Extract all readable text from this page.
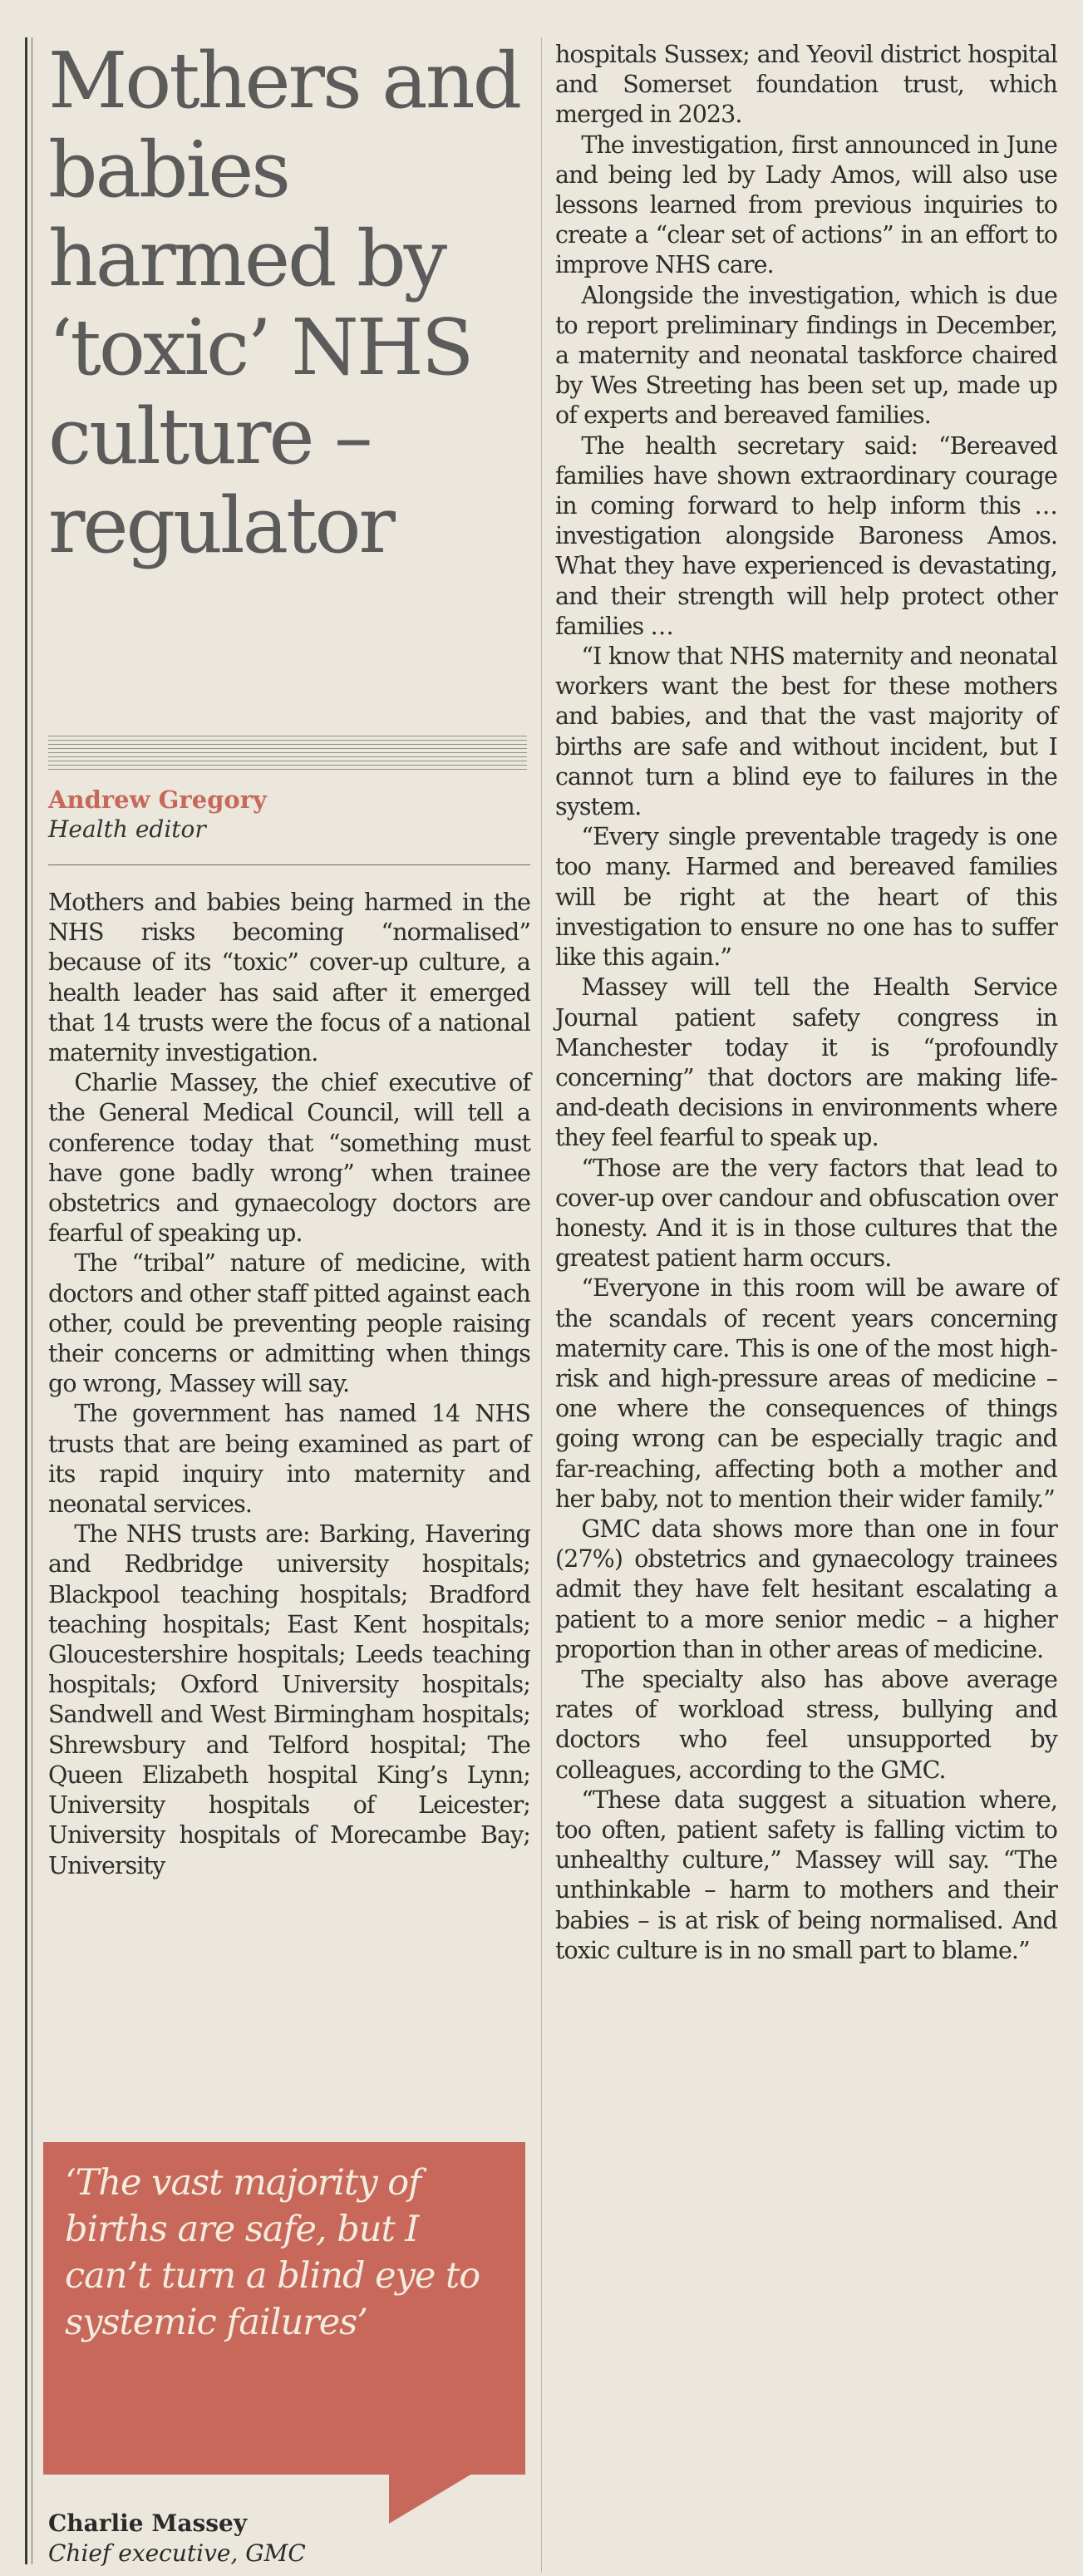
Mothers and babies harmed by ‘toxic’ NHS culture – regulator
Andrew Gregory
Health editor

Mothers and babies being harmed in the NHS risks becoming “normalised” because of its “toxic” cover-up culture, a health leader has said after it emerged that 14 trusts were the focus of a national maternity investigation.

Charlie Massey, the chief executive of the General Medical Council, will tell a conference today that “something must have gone badly wrong” when trainee obstetrics and gynaecology doctors are fearful of speaking up.

The “tribal” nature of medicine, with doctors and other staff pitted against each other, could be preventing people raising their concerns or admitting when things go wrong, Massey will say.

The government has named 14 NHS trusts that are being examined as part of its rapid inquiry into maternity and neonatal services.

The NHS trusts are: Barking, Havering and Redbridge university hospitals; Blackpool teaching hospitals; Bradford teaching hospitals; East Kent hospitals; Gloucestershire hospitals; Leeds teaching hospitals; Oxford University hospitals; Sandwell and West Birmingham hospitals; Shrewsbury and Telford hospital; The Queen Elizabeth hospital King’s Lynn; University hospitals of Leicester; University hospitals of Morecambe Bay; University

hospitals Sussex; and Yeovil district hospital and Somerset foundation trust, which merged in 2023.

The investigation, first announced in June and being led by Lady Amos, will also use lessons learned from previous inquiries to create a “clear set of actions” in an effort to improve NHS care.

Alongside the investigation, which is due to report preliminary findings in December, a maternity and neonatal taskforce chaired by Wes Streeting has been set up, made up of experts and bereaved families.

The health secretary said: “Bereaved families have shown extraordinary courage in coming forward to help inform this … investigation alongside Baroness Amos. What they have experienced is devastating, and their strength will help protect other families …

“I know that NHS maternity and neonatal workers want the best for these mothers and babies, and that the vast majority of births are safe and without incident, but I cannot turn a blind eye to failures in the system.

“Every single preventable tragedy is one too many. Harmed and bereaved families will be right at the heart of this investigation to ensure no one has to suffer like this again.”

Massey will tell the Health Service Journal patient safety congress in Manchester today it is “profoundly concerning” that doctors are making life-and-death decisions in environments where they feel fearful to speak up.

“Those are the very factors that lead to cover-up over candour and obfuscation over honesty. And it is in those cultures that the greatest patient harm occurs.

“Everyone in this room will be aware of the scandals of recent years concerning maternity care. This is one of the most high-risk and high-pressure areas of medicine – one where the consequences of things going wrong can be especially tragic and far-reaching, affecting both a mother and her baby, not to mention their wider family.”

GMC data shows more than one in four (27%) obstetrics and gynaecology trainees admit they have felt hesitant escalating a patient to a more senior medic – a higher proportion than in other areas of medicine.

The specialty also has above average rates of workload stress, bullying and doctors who feel unsupported by colleagues, according to the GMC.

“These data suggest a situation where, too often, patient safety is falling victim to unhealthy culture,” Massey will say. “The unthinkable – harm to mothers and their babies – is at risk of being normalised. And toxic culture is in no small part to blame.”

‘The vast majority of births are safe, but I can’t turn a blind eye to systemic failures’
Charlie Massey
Chief executive, GMC
